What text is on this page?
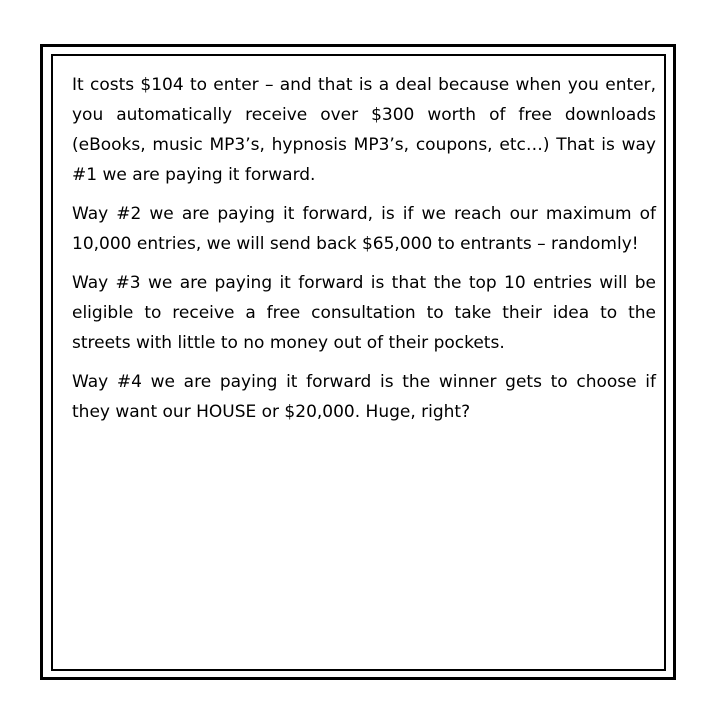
It costs $104 to enter – and that is a deal because when you enter, you automatically receive over $300 worth of free downloads (eBooks, music MP3’s, hypnosis MP3’s, coupons, etc…) That is way #1 we are paying it forward.

Way #2 we are paying it forward, is if we reach our maximum of 10,000 entries, we will send back $65,000 to entrants – randomly!

Way #3 we are paying it forward is that the top 10 entries will be eligible to receive a free consultation to take their idea to the streets with little to no money out of their pockets.

Way #4 we are paying it forward is the winner gets to choose if they want our HOUSE or $20,000. Huge, right?
